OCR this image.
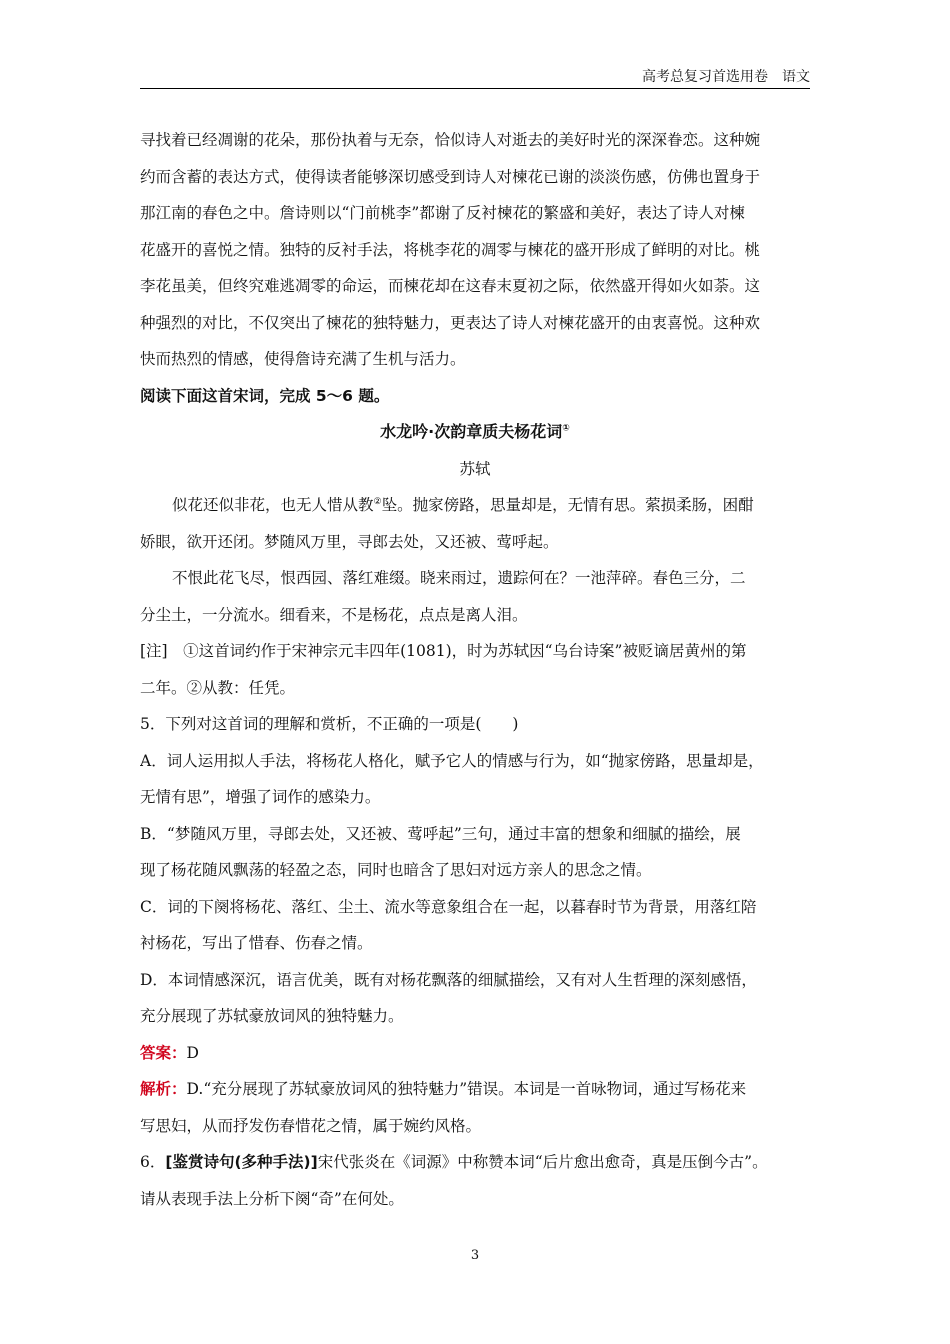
高考总复习首选用卷　语文
寻找着已经凋谢的花朵，那份执着与无奈，恰似诗人对逝去的美好时光的深深眷恋。这种婉
约而含蓄的表达方式，使得读者能够深切感受到诗人对楝花已谢的淡淡伤感，仿佛也置身于
那江南的春色之中。詹诗则以“门前桃李”都谢了反衬楝花的繁盛和美好，表达了诗人对楝
花盛开的喜悦之情。独特的反衬手法，将桃李花的凋零与楝花的盛开形成了鲜明的对比。桃
李花虽美，但终究难逃凋零的命运，而楝花却在这春末夏初之际，依然盛开得如火如荼。这
种强烈的对比，不仅突出了楝花的独特魅力，更表达了诗人对楝花盛开的由衷喜悦。这种欢
快而热烈的情感，使得詹诗充满了生机与活力。
阅读下面这首宋词，完成 5～6 题。
水龙吟·次韵章质夫杨花词①
苏轼
似花还似非花，也无人惜从教②坠。抛家傍路，思量却是，无情有思。萦损柔肠，困酣
娇眼，欲开还闭。梦随风万里，寻郎去处，又还被、莺呼起。
不恨此花飞尽，恨西园、落红难缀。晓来雨过，遗踪何在？一池萍碎。春色三分，二
分尘土，一分流水。细看来，不是杨花，点点是离人泪。
[注]　①这首词约作于宋神宗元丰四年(1081)，时为苏轼因“乌台诗案”被贬谪居黄州的第
二年。②从教：任凭。
5．下列对这首词的理解和赏析，不正确的一项是(　　)
A．词人运用拟人手法，将杨花人格化，赋予它人的情感与行为，如“抛家傍路，思量却是，
无情有思”，增强了词作的感染力。
B．“梦随风万里，寻郎去处，又还被、莺呼起”三句，通过丰富的想象和细腻的描绘，展
现了杨花随风飘荡的轻盈之态，同时也暗含了思妇对远方亲人的思念之情。
C．词的下阕将杨花、落红、尘土、流水等意象组合在一起，以暮春时节为背景，用落红陪
衬杨花，写出了惜春、伤春之情。
D．本词情感深沉，语言优美，既有对杨花飘落的细腻描绘，又有对人生哲理的深刻感悟，
充分展现了苏轼豪放词风的独特魅力。
答案：D
解析：D.“充分展现了苏轼豪放词风的独特魅力”错误。本词是一首咏物词，通过写杨花来
写思妇，从而抒发伤春惜花之情，属于婉约风格。
6．[鉴赏诗句(多种手法)]宋代张炎在《词源》中称赞本词“后片愈出愈奇，真是压倒今古”。
请从表现手法上分析下阕“奇”在何处。
3
